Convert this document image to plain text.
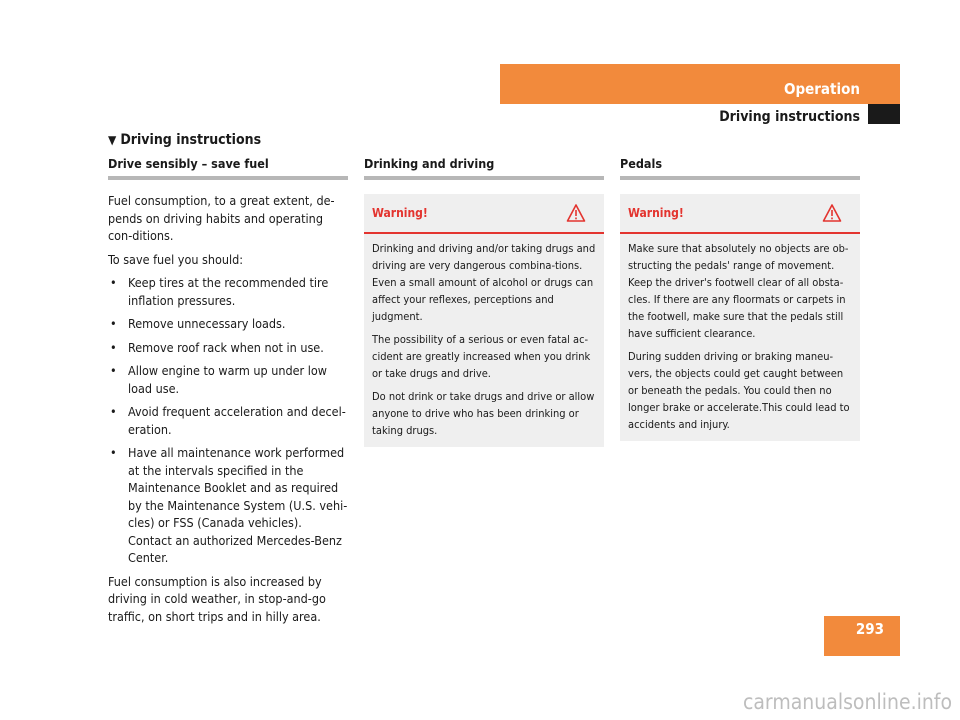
Operation
Driving instructions
▼ Driving instructions
Drive sensibly – save fuel

Fuel consumption, to a great extent, de-pends on driving habits and operating con-ditions.

To save fuel you should:

• Keep tires at the recommended tire inflation pressures.
• Remove unnecessary loads.
• Remove roof rack when not in use.
• Allow engine to warm up under low load use.
• Avoid frequent acceleration and decel-eration.
• Have all maintenance work performed at the intervals specified in the Maintenance Booklet and as required by the Maintenance System (U.S. vehi-cles) or FSS (Canada vehicles). Contact an authorized Mercedes-Benz Center.

Fuel consumption is also increased by driving in cold weather, in stop-and-go traffic, on short trips and in hilly area.

Drinking and driving
Warning!

Drinking and driving and/or taking drugs and driving are very dangerous combina-tions. Even a small amount of alcohol or drugs can affect your reflexes, perceptions and judgment.

The possibility of a serious or even fatal ac-cident are greatly increased when you drink or take drugs and drive.

Do not drink or take drugs and drive or allow anyone to drive who has been drinking or taking drugs.

Pedals
Warning!

Make sure that absolutely no objects are ob-structing the pedals' range of movement. Keep the driver's footwell clear of all obsta-cles. If there are any floormats or carpets in the footwell, make sure that the pedals still have sufficient clearance.

During sudden driving or braking maneu-vers, the objects could get caught between or beneath the pedals. You could then no longer brake or accelerate.This could lead to accidents and injury.

293
carmanualsonline.info
